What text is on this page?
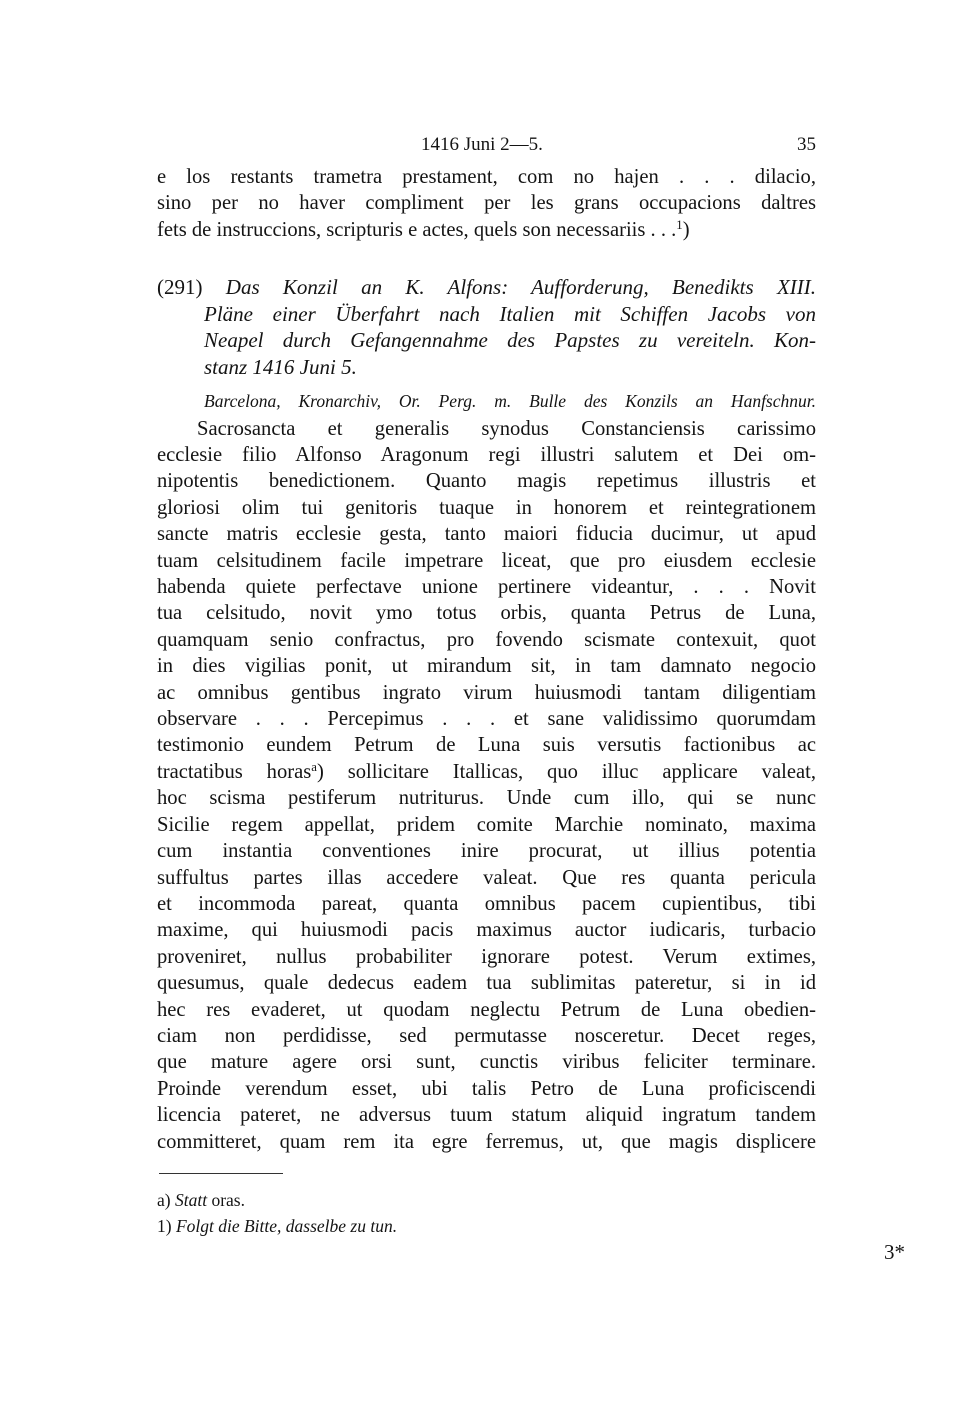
1416 Juni 2—5.	35

e los restants trametra prestament, com no hajen . . . dilacio,

sino per no haver compliment per les grans occupacions daltres

fets de instruccions, scripturis e actes, quels son necessariis . . .$^1$)

(291) Das Konzil an K. Alfons: Aufforderung, Benedikts XIII.

Pläne einer Überfahrt nach Italien mit Schiffen Jacobs von

Neapel durch Gefangennahme des Papstes zu vereiteln. Kon-

stanz 1416 Juni 5.

Barcelona, Kronarchiv, Or. Perg. m. Bulle des Konzils an Hanfschnur.

Sacrosancta et generalis synodus Constanciensis carissimo

ecclesie filio Alfonso Aragonum regi illustri salutem et Dei om-

nipotentis benedictionem. Quanto magis repetimus illustris et

gloriosi olim tui genitoris tuaque in honorem et reintegrationem

sancte matris ecclesie gesta, tanto maiori fiducia ducimur, ut apud

tuam celsitudinem facile impetrare liceat, que pro eiusdem ecclesie

habenda quiete perfectave unione pertinere videantur, . . . Novit

tua celsitudo, novit ymo totus orbis, quanta Petrus de Luna,

quamquam senio confractus, pro fovendo scismate contexuit, quot

in dies vigilias ponit, ut mirandum sit, in tam damnato negocio

ac omnibus gentibus ingrato virum huiusmodi tantam diligentiam

observare . . . Percepimus . . . et sane validissimo quorumdam

testimonio eundem Petrum de Luna suis versutis factionibus ac

tractatibus horas$^a$) sollicitare Itallicas, quo illuc applicare valeat,

hoc scisma pestiferum nutriturus. Unde cum illo, qui se nunc

Sicilie regem appellat, pridem comite Marchie nominato, maxima

cum instantia conventiones inire procurat, ut illius potentia

suffultus partes illas accedere valeat. Que res quanta pericula

et incommoda pareat, quanta omnibus pacem cupientibus, tibi

maxime, qui huiusmodi pacis maximus auctor iudicaris, turbacio

proveniret, nullus probabiliter ignorare potest. Verum extimes,

quesumus, quale dedecus eadem tua sublimitas pateretur, si in id

hec res evaderet, ut quodam neglectu Petrum de Luna obedien-

ciam non perdidisse, sed permutasse nosceretur. Decet reges,

que mature agere orsi sunt, cunctis viribus feliciter terminare.

Proinde verendum esset, ubi talis Petro de Luna proficiscendi

licencia pateret, ne adversus tuum statum aliquid ingratum tandem

committeret, quam rem ita egre ferremus, ut, que magis displicere

a) Statt oras.

1) Folgt die Bitte, dasselbe zu tun.

3*
